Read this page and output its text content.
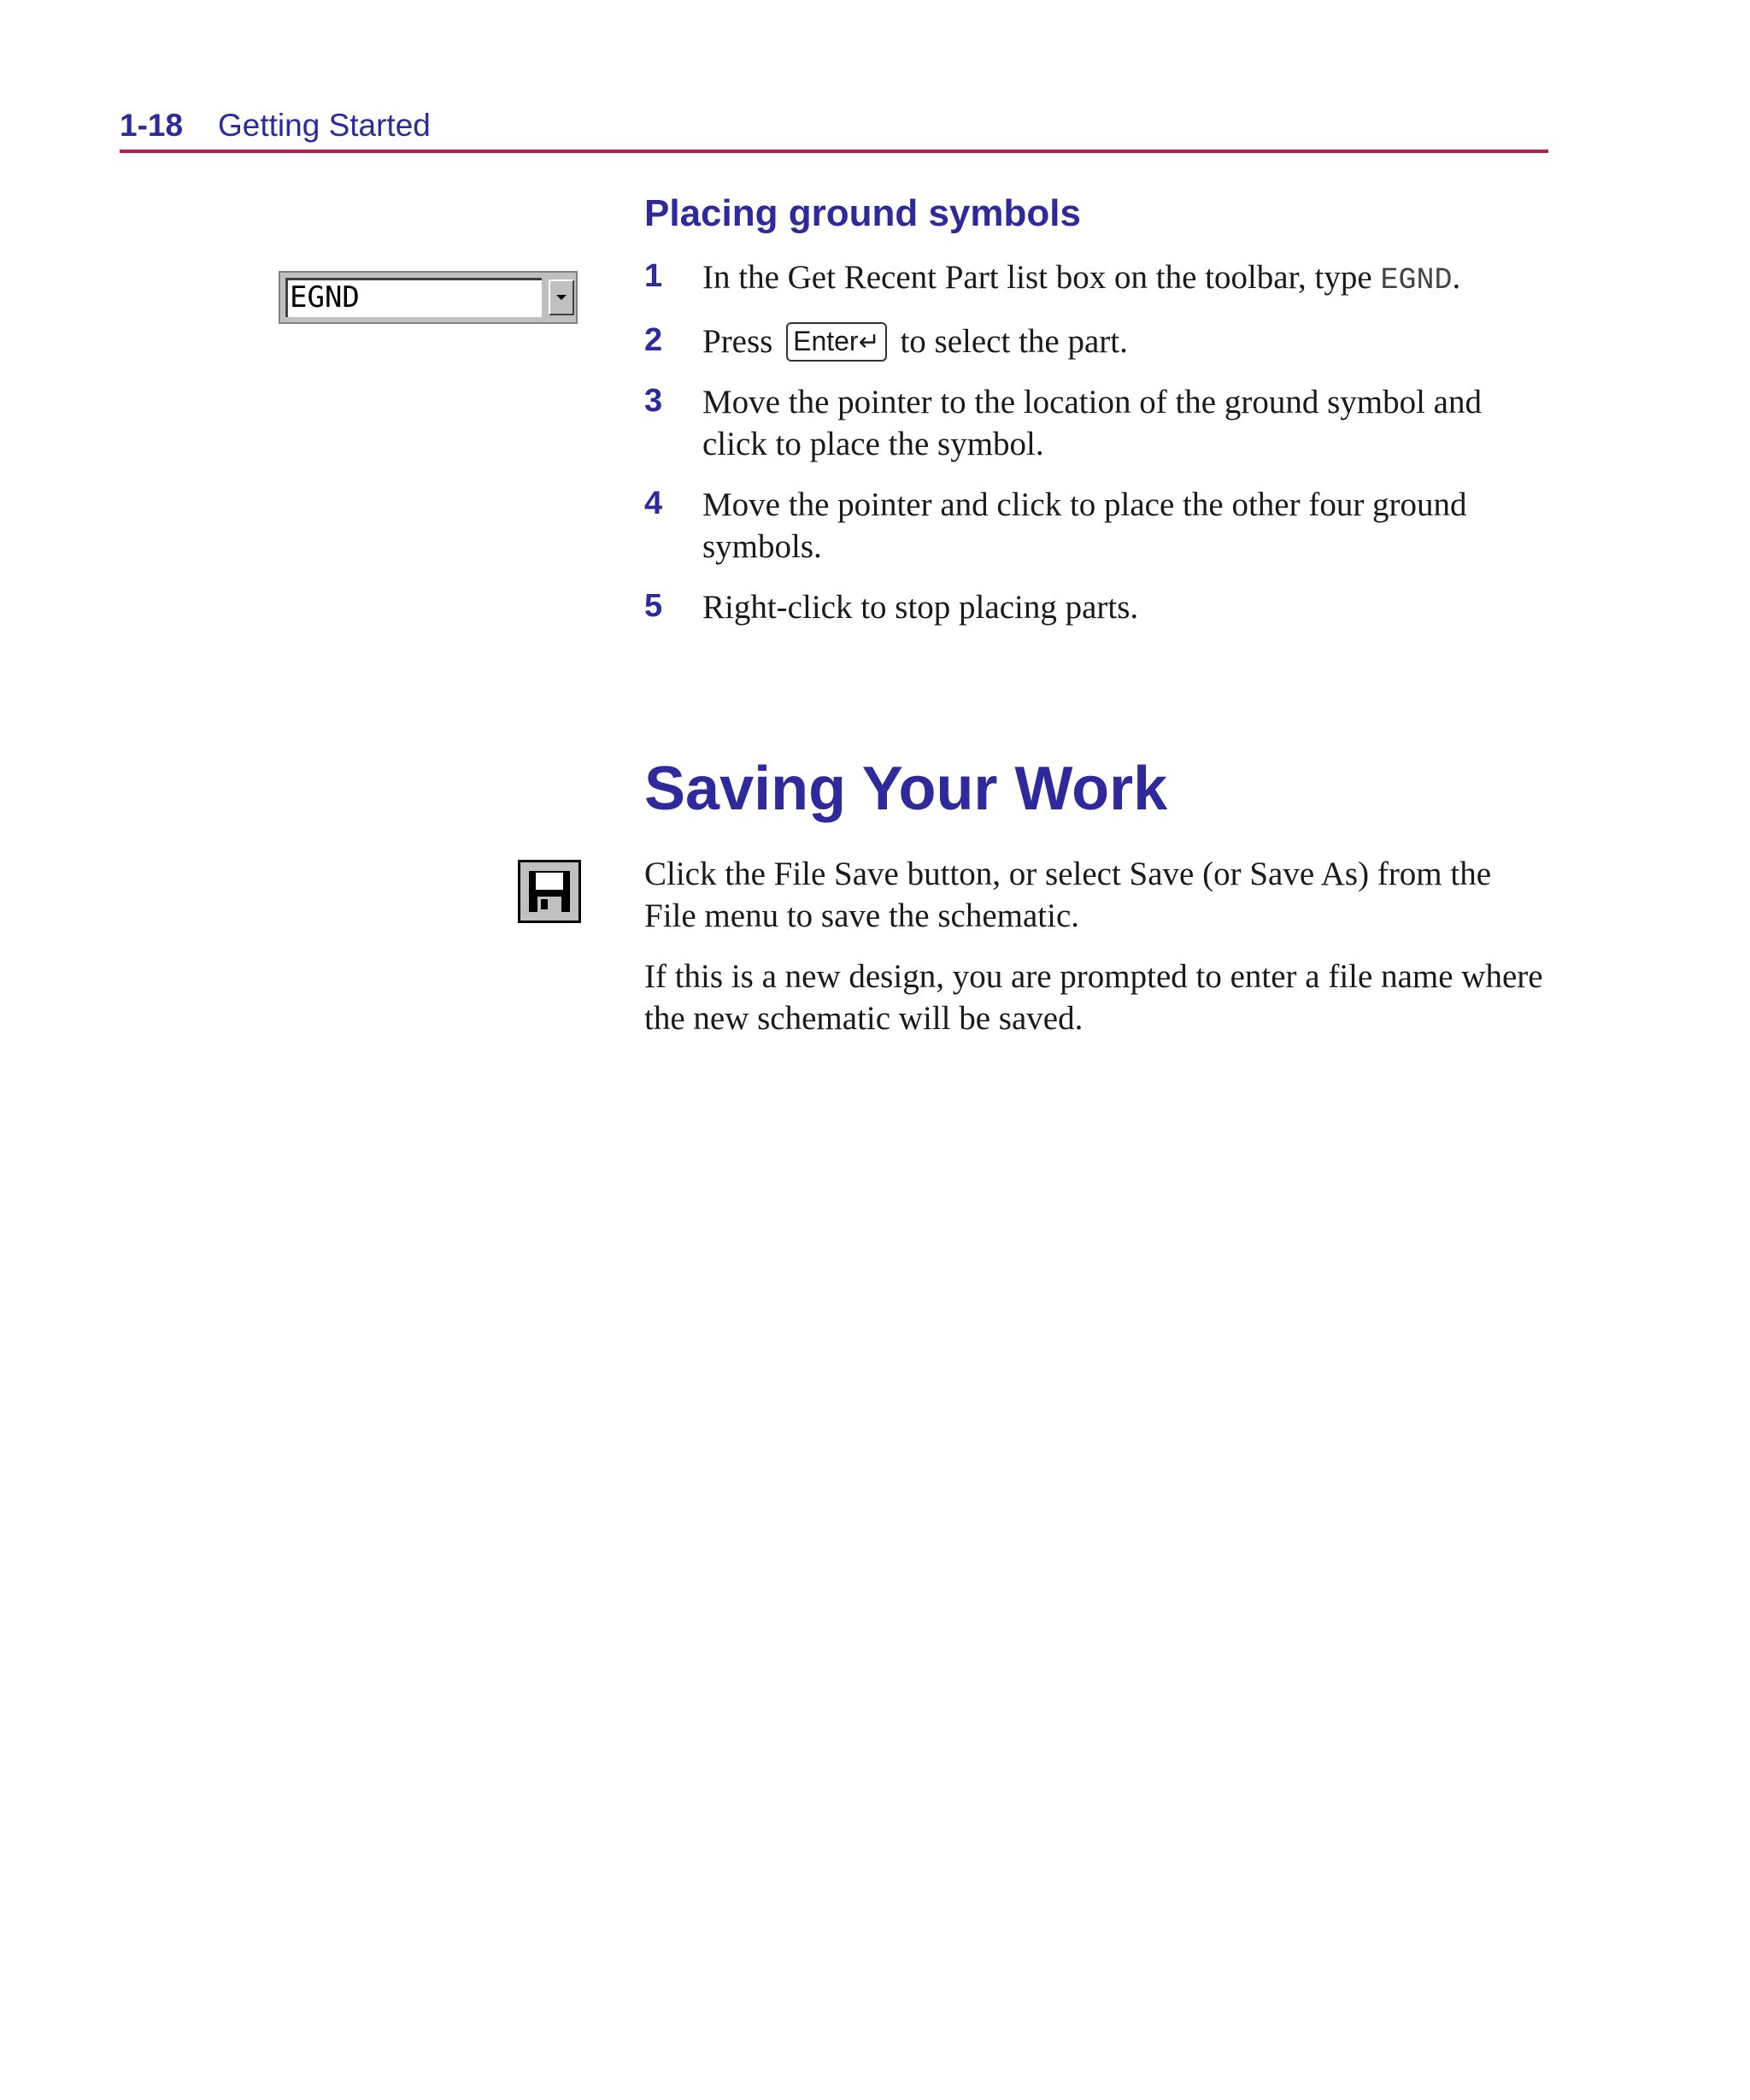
1-18 Getting Started
EGND
Placing ground symbols
1 In the Get Recent Part list box on the toolbar, type EGND.
2 Press Enter↵ to select the part.
3 Move the pointer to the location of the ground symbol and click to place the symbol.
4 Move the pointer and click to place the other four ground symbols.
5 Right-click to stop placing parts.
Saving Your Work

Click the File Save button, or select Save (or Save As) from the File menu to save the schematic.

If this is a new design, you are prompted to enter a file name where the new schematic will be saved.
